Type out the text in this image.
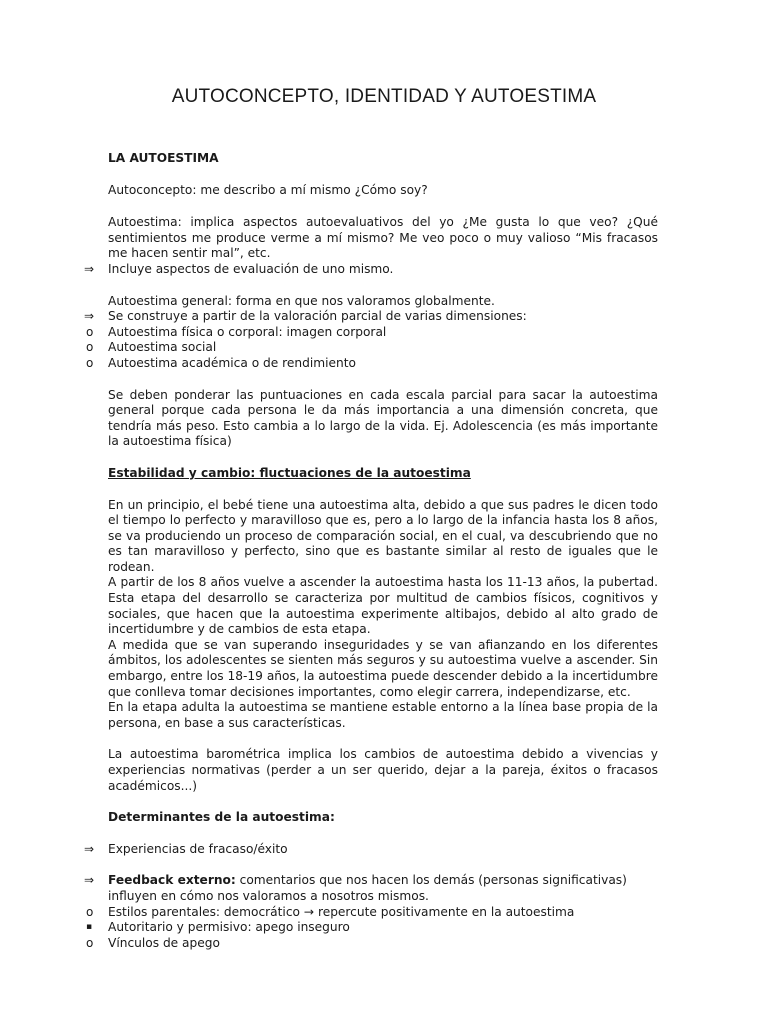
AUTOCONCEPTO, IDENTIDAD Y AUTOESTIMA

LA AUTOESTIMA

Autoconcepto: me describo a mí mismo ¿Cómo soy?

Autoestima: implica aspectos autoevaluativos del yo ¿Me gusta lo que veo? ¿Qué sentimientos me produce verme a mí mismo? Me veo poco o muy valioso “Mis fracasos me hacen sentir mal”, etc.

⇒	Incluye aspectos de evaluación de uno mismo.

Autoestima general: forma en que nos valoramos globalmente.

⇒	Se construye a partir de la valoración parcial de varias dimensiones:

o	Autoestima física o corporal: imagen corporal

o	Autoestima social

o	Autoestima académica o de rendimiento

Se deben ponderar las puntuaciones en cada escala parcial para sacar la autoestima general porque cada persona le da más importancia a una dimensión concreta, que tendría más peso. Esto cambia a lo largo de la vida. Ej. Adolescencia (es más importante la autoestima física)

Estabilidad y cambio: fluctuaciones de la autoestima

En un principio, el bebé tiene una autoestima alta, debido a que sus padres le dicen todo el tiempo lo perfecto y maravilloso que es, pero a lo largo de la infancia hasta los 8 años, se va produciendo un proceso de comparación social, en el cual, va descubriendo que no es tan maravilloso y perfecto, sino que es bastante similar al resto de iguales que le rodean.

A partir de los 8 años vuelve a ascender la autoestima hasta los 11-13 años, la pubertad. Esta etapa del desarrollo se caracteriza por multitud de cambios físicos, cognitivos y sociales, que hacen que la autoestima experimente altibajos, debido al alto grado de incertidumbre y de cambios de esta etapa.

A medida que se van superando inseguridades y se van afianzando en los diferentes ámbitos, los adolescentes se sienten más seguros y su autoestima vuelve a ascender. Sin embargo, entre los 18-19 años, la autoestima puede descender debido a la incertidumbre que conlleva tomar decisiones importantes, como elegir carrera, independizarse, etc.

En la etapa adulta la autoestima se mantiene estable entorno a la línea base propia de la persona, en base a sus características.

La autoestima barométrica implica los cambios de autoestima debido a vivencias y experiencias normativas (perder a un ser querido, dejar a la pareja, éxitos o fracasos académicos...)

Determinantes de la autoestima:

⇒	Experiencias de fracaso/éxito

⇒	Feedback externo: comentarios que nos hacen los demás (personas significativas) influyen en cómo nos valoramos a nosotros mismos.

o	Estilos parentales: democrático → repercute positivamente en la autoestima

▪	Autoritario y permisivo: apego inseguro

o	Vínculos de apego
